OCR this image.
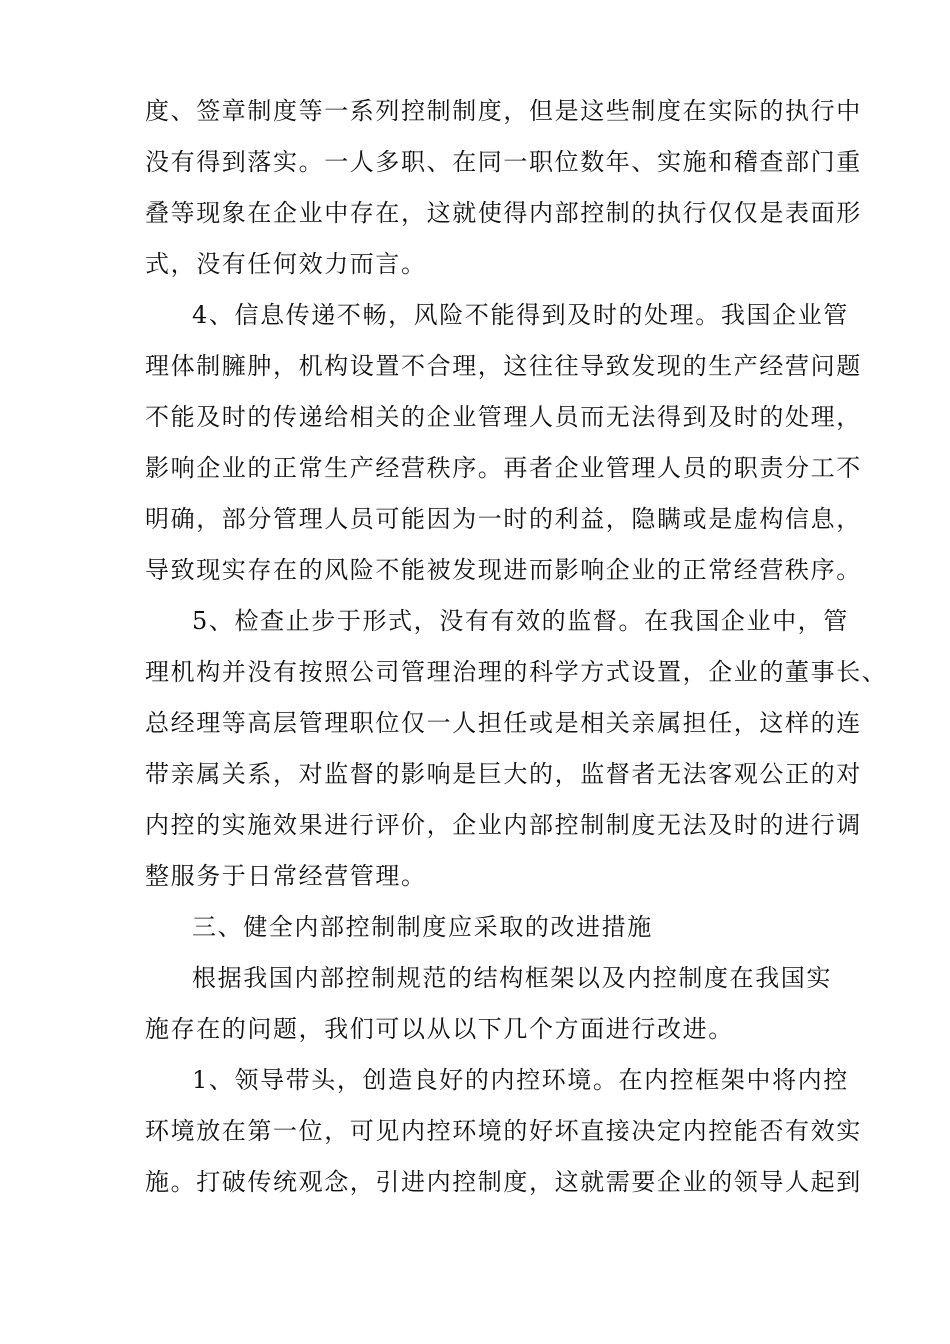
度、签章制度等一系列控制制度，但是这些制度在实际的执行中
没有得到落实。一人多职、在同一职位数年、实施和稽查部门重
叠等现象在企业中存在，这就使得内部控制的执行仅仅是表面形
式，没有任何效力而言。
4、信息传递不畅，风险不能得到及时的处理。我国企业管
理体制臃肿，机构设置不合理，这往往导致发现的生产经营问题
不能及时的传递给相关的企业管理人员而无法得到及时的处理，
影响企业的正常生产经营秩序。再者企业管理人员的职责分工不
明确，部分管理人员可能因为一时的利益，隐瞒或是虚构信息，
导致现实存在的风险不能被发现进而影响企业的正常经营秩序。
5、检查止步于形式，没有有效的监督。在我国企业中，管
理机构并没有按照公司管理治理的科学方式设置，企业的董事长、
总经理等高层管理职位仅一人担任或是相关亲属担任，这样的连
带亲属关系，对监督的影响是巨大的，监督者无法客观公正的对
内控的实施效果进行评价，企业内部控制制度无法及时的进行调
整服务于日常经营管理。
三、健全内部控制制度应采取的改进措施
根据我国内部控制规范的结构框架以及内控制度在我国实
施存在的问题，我们可以从以下几个方面进行改进。
1、领导带头，创造良好的内控环境。在内控框架中将内控
环境放在第一位，可见内控环境的好坏直接决定内控能否有效实
施。打破传统观念，引进内控制度，这就需要企业的领导人起到
